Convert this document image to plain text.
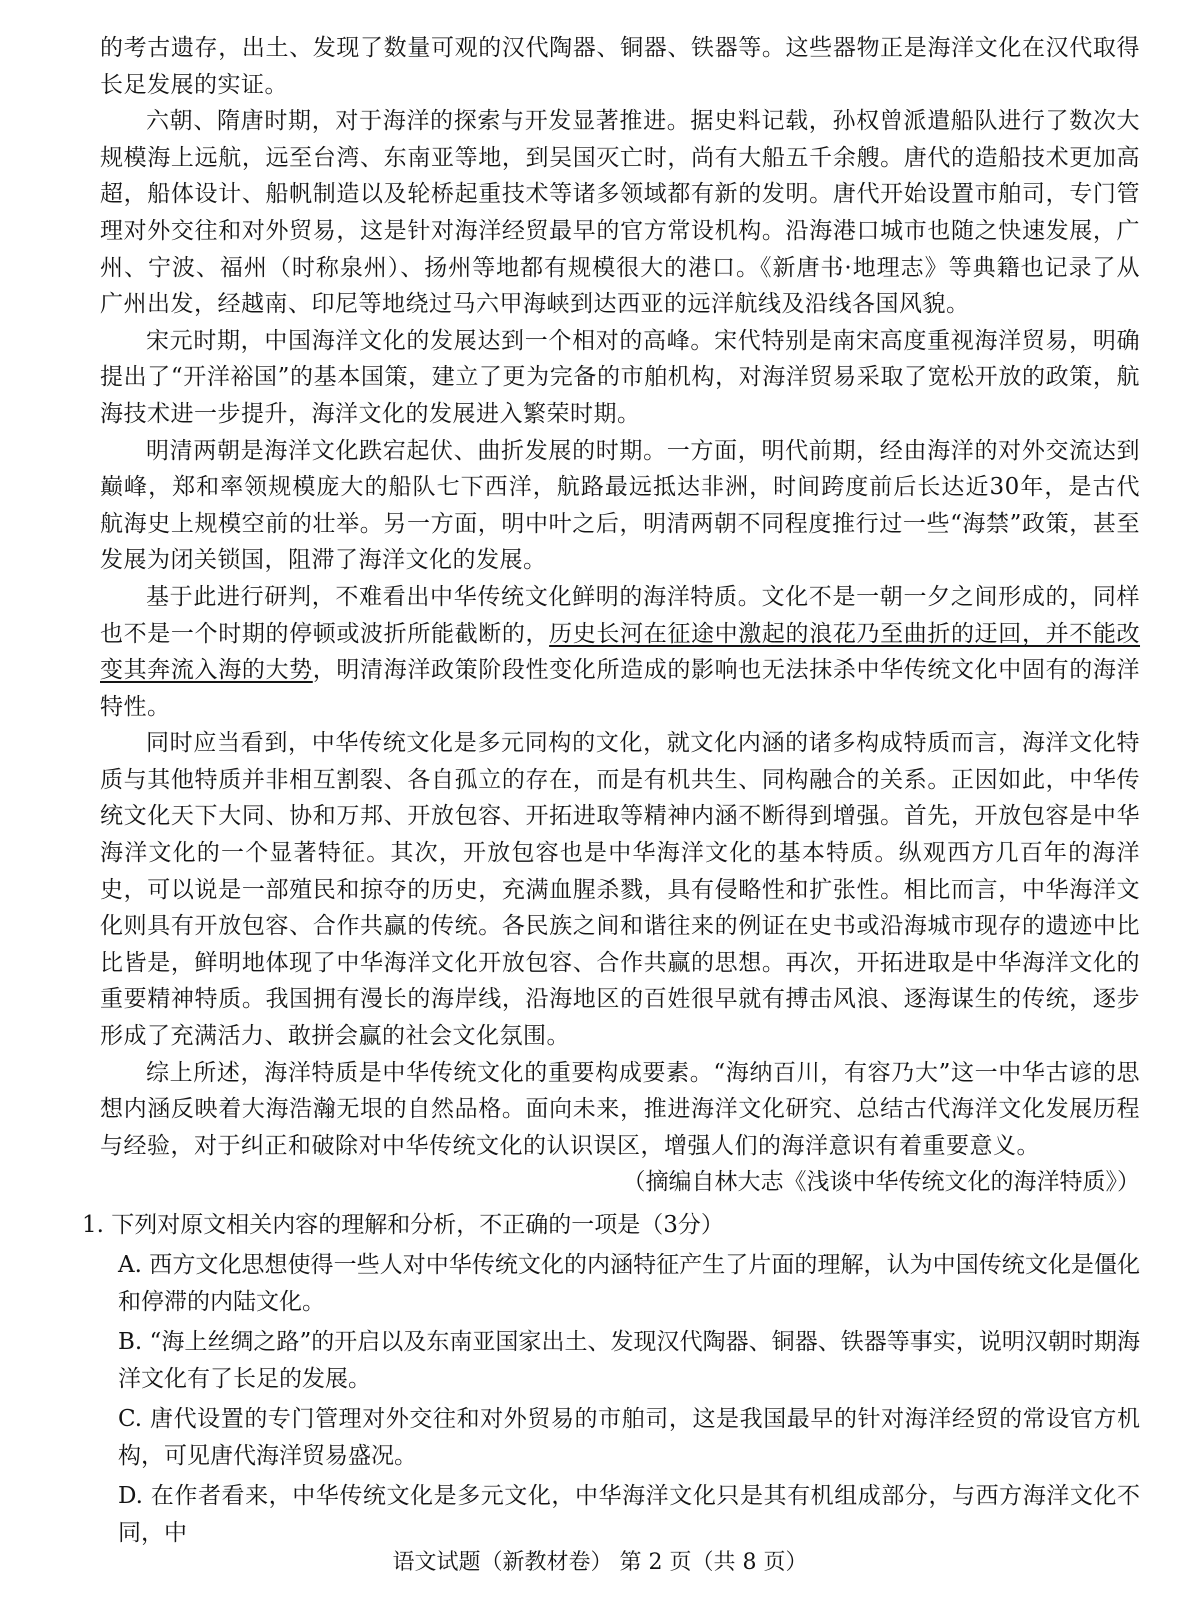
的考古遗存，出土、发现了数量可观的汉代陶器、铜器、铁器等。这些器物正是海洋文化在汉代取得长足发展的实证。

六朝、隋唐时期，对于海洋的探索与开发显著推进。据史料记载，孙权曾派遣船队进行了数次大规模海上远航，远至台湾、东南亚等地，到吴国灭亡时，尚有大船五千余艘。唐代的造船技术更加高超，船体设计、船帆制造以及轮桥起重技术等诸多领域都有新的发明。唐代开始设置市舶司，专门管理对外交往和对外贸易，这是针对海洋经贸最早的官方常设机构。沿海港口城市也随之快速发展，广州、宁波、福州（时称泉州）、扬州等地都有规模很大的港口。《新唐书·地理志》等典籍也记录了从广州出发，经越南、印尼等地绕过马六甲海峡到达西亚的远洋航线及沿线各国风貌。

宋元时期，中国海洋文化的发展达到一个相对的高峰。宋代特别是南宋高度重视海洋贸易，明确提出了“开洋裕国”的基本国策，建立了更为完备的市舶机构，对海洋贸易采取了宽松开放的政策，航海技术进一步提升，海洋文化的发展进入繁荣时期。

明清两朝是海洋文化跌宕起伏、曲折发展的时期。一方面，明代前期，经由海洋的对外交流达到巅峰，郑和率领规模庞大的船队七下西洋，航路最远抵达非洲，时间跨度前后长达近30年，是古代航海史上规模空前的壮举。另一方面，明中叶之后，明清两朝不同程度推行过一些“海禁”政策，甚至发展为闭关锁国，阻滞了海洋文化的发展。

基于此进行研判，不难看出中华传统文化鲜明的海洋特质。文化不是一朝一夕之间形成的，同样也不是一个时期的停顿或波折所能截断的，历史长河在征途中激起的浪花乃至曲折的迂回，并不能改变其奔流入海的大势，明清海洋政策阶段性变化所造成的影响也无法抹杀中华传统文化中固有的海洋特性。

同时应当看到，中华传统文化是多元同构的文化，就文化内涵的诸多构成特质而言，海洋文化特质与其他特质并非相互割裂、各自孤立的存在，而是有机共生、同构融合的关系。正因如此，中华传统文化天下大同、协和万邦、开放包容、开拓进取等精神内涵不断得到增强。首先，开放包容是中华海洋文化的一个显著特征。其次，开放包容也是中华海洋文化的基本特质。纵观西方几百年的海洋史，可以说是一部殖民和掠夺的历史，充满血腥杀戮，具有侵略性和扩张性。相比而言，中华海洋文化则具有开放包容、合作共赢的传统。各民族之间和谐往来的例证在史书或沿海城市现存的遗迹中比比皆是，鲜明地体现了中华海洋文化开放包容、合作共赢的思想。再次，开拓进取是中华海洋文化的重要精神特质。我国拥有漫长的海岸线，沿海地区的百姓很早就有搏击风浪、逐海谋生的传统，逐步形成了充满活力、敢拼会赢的社会文化氛围。

综上所述，海洋特质是中华传统文化的重要构成要素。“海纳百川，有容乃大”这一中华古谚的思想内涵反映着大海浩瀚无垠的自然品格。面向未来，推进海洋文化研究、总结古代海洋文化发展历程与经验，对于纠正和破除对中华传统文化的认识误区，增强人们的海洋意识有着重要意义。

（摘编自林大志《浅谈中华传统文化的海洋特质》）

1. 下列对原文相关内容的理解和分析，不正确的一项是（3分）

A. 西方文化思想使得一些人对中华传统文化的内涵特征产生了片面的理解，认为中国传统文化是僵化和停滞的内陆文化。
B. “海上丝绸之路”的开启以及东南亚国家出土、发现汉代陶器、铜器、铁器等事实，说明汉朝时期海洋文化有了长足的发展。
C. 唐代设置的专门管理对外交往和对外贸易的市舶司，这是我国最早的针对海洋经贸的常设官方机构，可见唐代海洋贸易盛况。
D. 在作者看来，中华传统文化是多元文化，中华海洋文化只是其有机组成部分，与西方海洋文化不同，中
语文试题（新教材卷） 第 2 页（共 8 页）
